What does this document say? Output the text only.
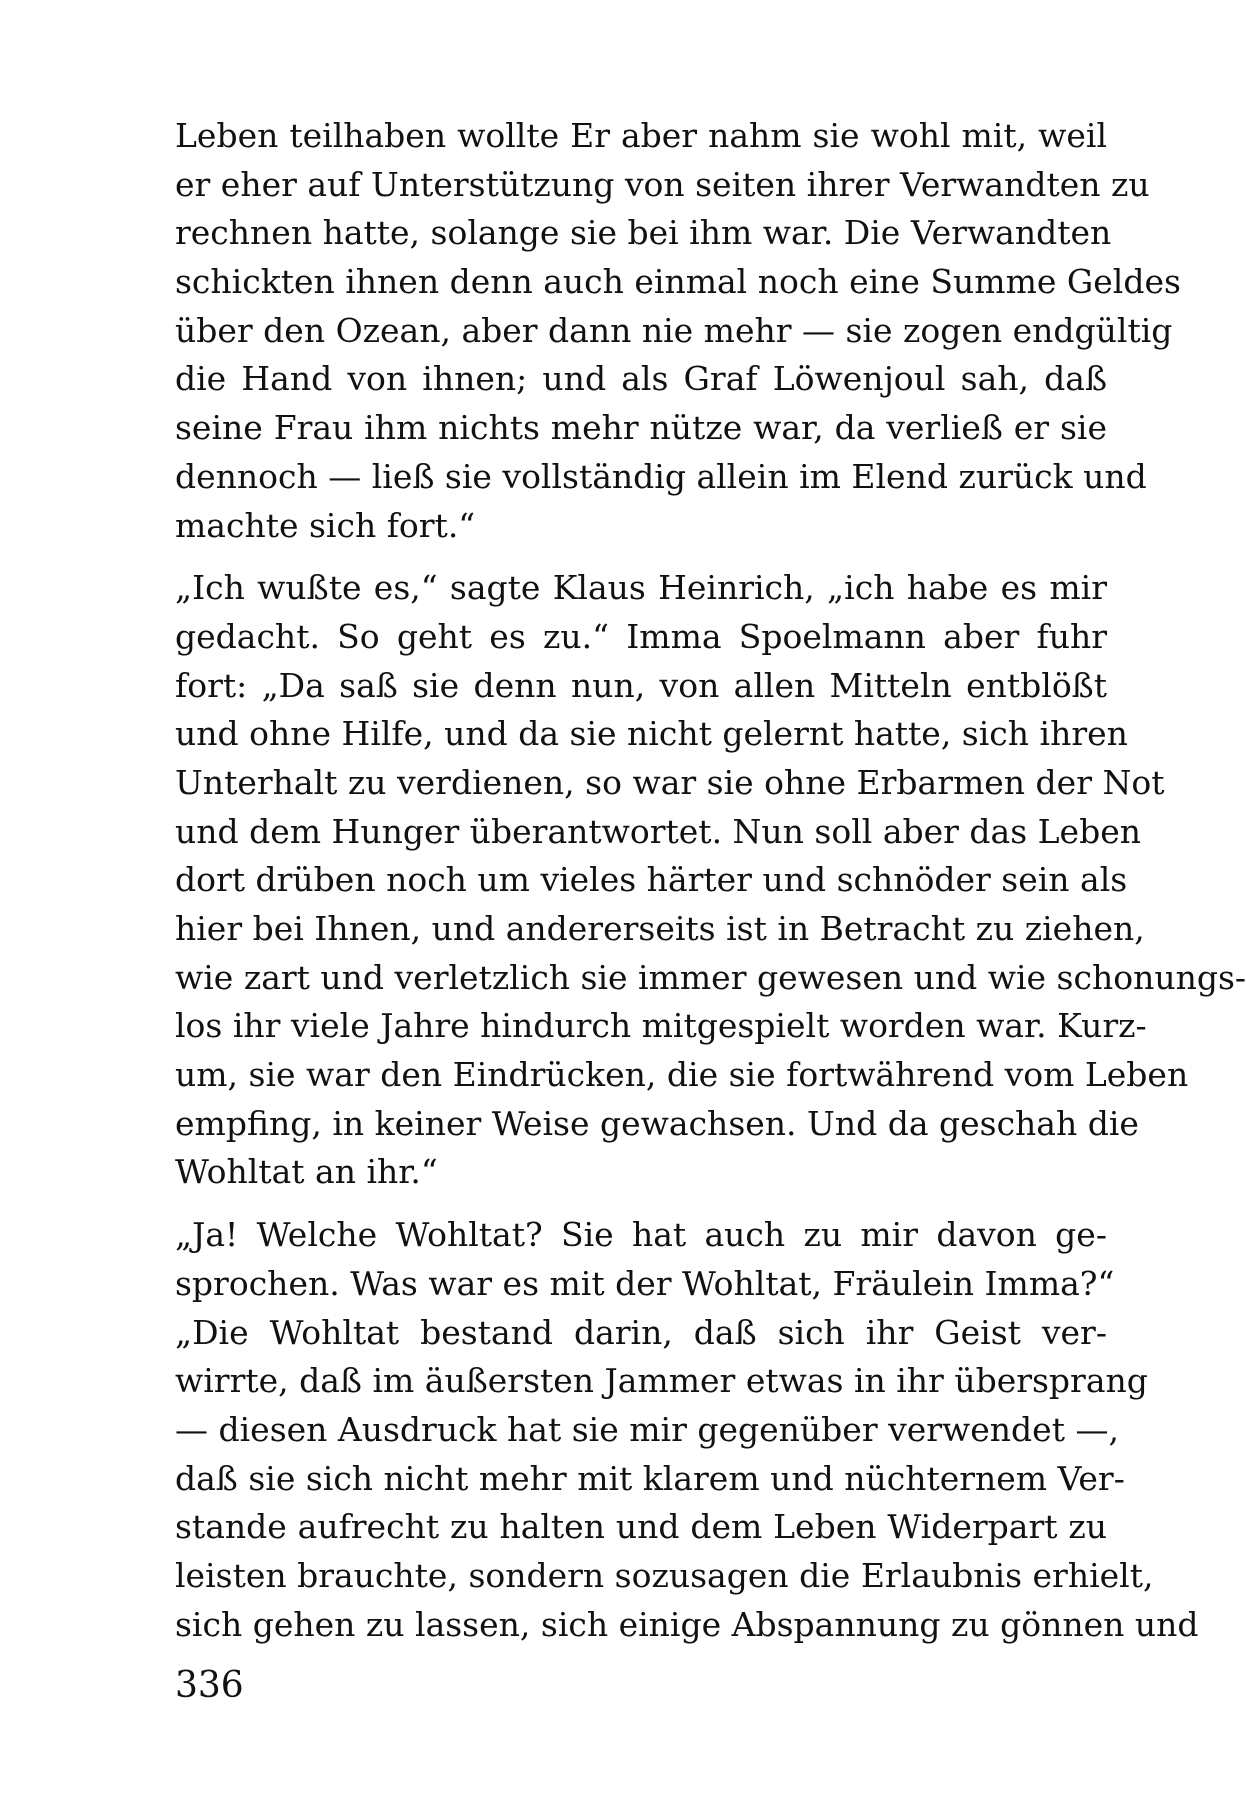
Leben teilhaben wollte Er aber nahm sie wohl mit, weil
er eher auf Unterstützung von seiten ihrer Verwandten zu
rechnen hatte, solange sie bei ihm war. Die Verwandten
schickten ihnen denn auch einmal noch eine Summe Geldes
über den Ozean, aber dann nie mehr — sie zogen endgültig
die Hand von ihnen; und als Graf Löwenjoul sah, daß
seine Frau ihm nichts mehr nütze war, da verließ er sie
dennoch — ließ sie vollständig allein im Elend zurück und
machte sich fort.“
„Ich wußte es,“ sagte Klaus Heinrich, „ich habe es mir
gedacht. So geht es zu.“ Imma Spoelmann aber fuhr
fort: „Da saß sie denn nun, von allen Mitteln entblößt
und ohne Hilfe, und da sie nicht gelernt hatte, sich ihren
Unterhalt zu verdienen, so war sie ohne Erbarmen der Not
und dem Hunger überantwortet. Nun soll aber das Leben
dort drüben noch um vieles härter und schnöder sein als
hier bei Ihnen, und andererseits ist in Betracht zu ziehen,
wie zart und verletzlich sie immer gewesen und wie schonungs-
los ihr viele Jahre hindurch mitgespielt worden war. Kurz-
um, sie war den Eindrücken, die sie fortwährend vom Leben
empfing, in keiner Weise gewachsen. Und da geschah die
Wohltat an ihr.“
„Ja! Welche Wohltat? Sie hat auch zu mir davon ge-
sprochen. Was war es mit der Wohltat, Fräulein Imma?“
„Die Wohltat bestand darin, daß sich ihr Geist ver-
wirrte, daß im äußersten Jammer etwas in ihr übersprang
— diesen Ausdruck hat sie mir gegenüber verwendet —,
daß sie sich nicht mehr mit klarem und nüchternem Ver-
stande aufrecht zu halten und dem Leben Widerpart zu
leisten brauchte, sondern sozusagen die Erlaubnis erhielt,
sich gehen zu lassen, sich einige Abspannung zu gönnen und
336
